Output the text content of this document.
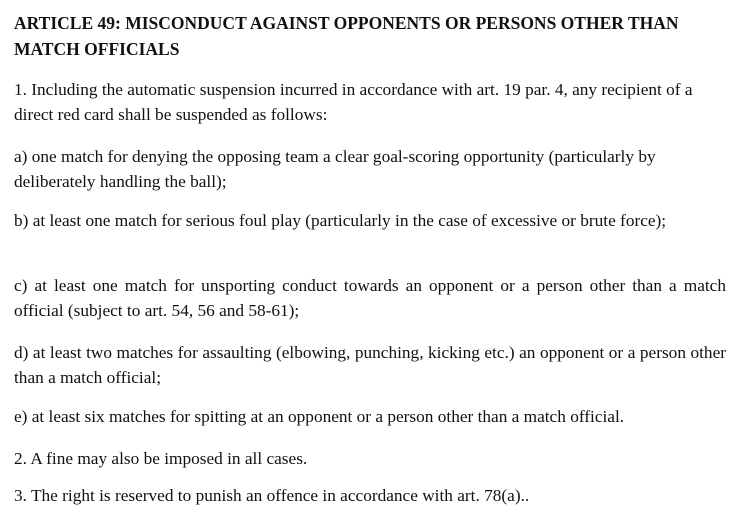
ARTICLE 49: MISCONDUCT AGAINST OPPONENTS OR PERSONS OTHER THAN MATCH OFFICIALS

1. Including the automatic suspension incurred in accordance with art. 19 par. 4, any recipient of a direct red card shall be suspended as follows:

a) one match for denying the opposing team a clear goal-scoring opportunity (particularly by deliberately handling the ball);

b) at least one match for serious foul play (particularly in the case of excessive or brute force);

c) at least one match for unsporting conduct towards an opponent or a person other than a match official (subject to art. 54, 56 and 58-61);

d) at least two matches for assaulting (elbowing, punching, kicking etc.) an opponent or a person other than a match official;

e) at least six matches for spitting at an opponent or a person other than a match official.

2. A fine may also be imposed in all cases.

3. The right is reserved to punish an offence in accordance with art. 78(a)..
